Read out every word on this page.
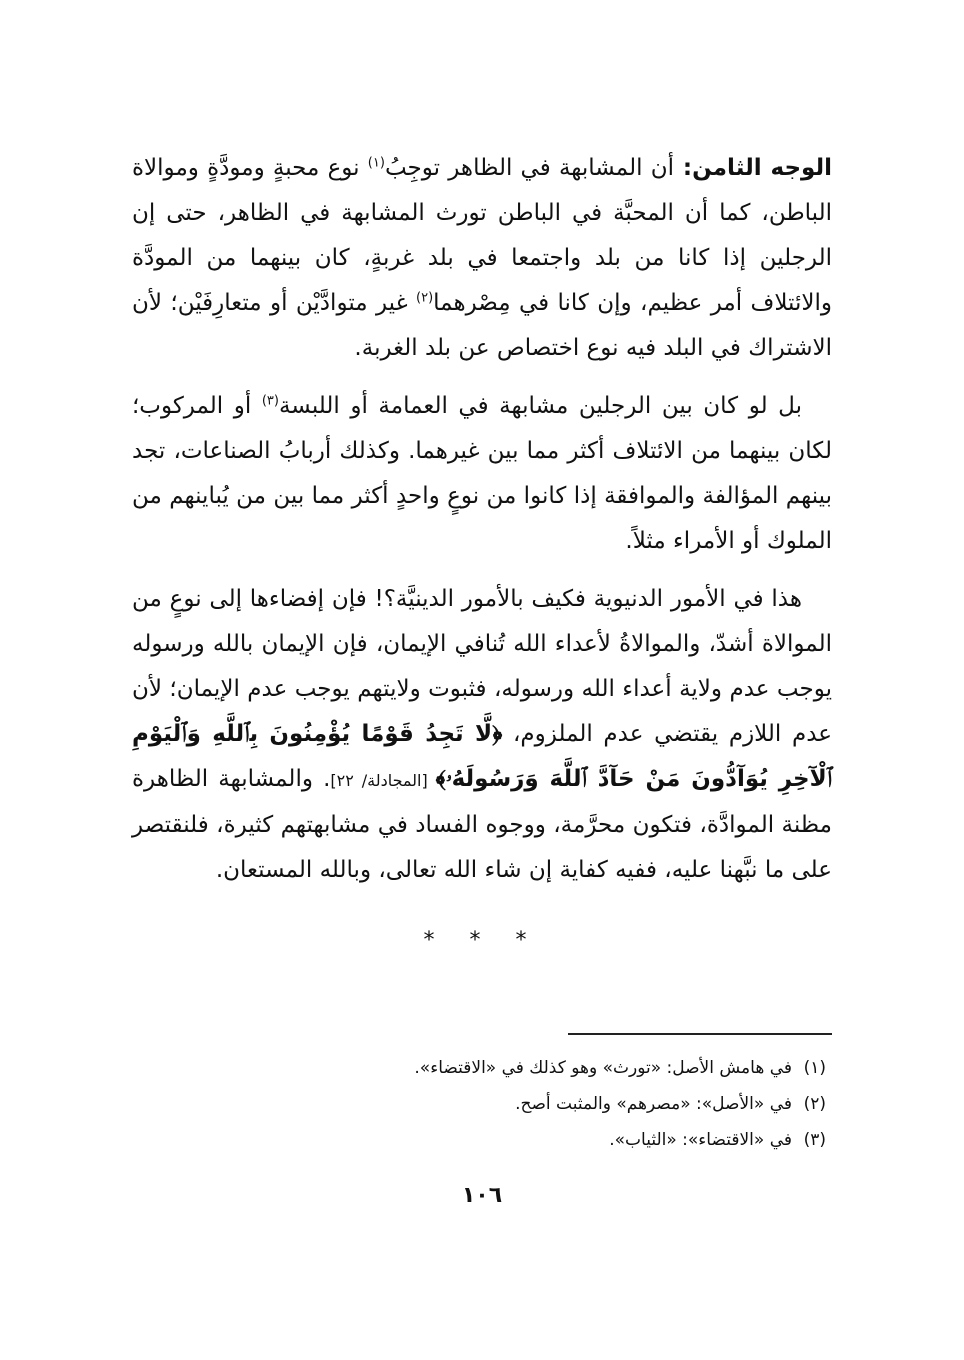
الوجه الثامن: أن المشابهة في الظاهر توجِبُ$^{(١)}$ نوع محبةٍ ومودَّةٍ وموالاة الباطن، كما أن المحبَّة في الباطن تورث المشابهة في الظاهر، حتى إن الرجلين إذا كانا من بلد واجتمعا في بلد غربةٍ، كان بينهما من المودَّة والائتلاف أمر عظيم، وإن كانا في مِصْرهما$^{(٢)}$ غير متوادَّيْن أو متعارِفَيْن؛ لأن الاشتراك في البلد فيه نوع اختصاص عن بلد الغربة.

بل لو كان بين الرجلين مشابهة في العمامة أو اللبسة$^{(٣)}$ أو المركوب؛ لكان بينهما من الائتلاف أكثر مما بين غيرهما. وكذلك أربابُ الصناعات، تجد بينهم المؤالفة والموافقة إذا كانوا من نوعٍ واحدٍ أكثر مما بين من يُباينهم من الملوك أو الأمراء مثلاً.

هذا في الأمور الدنيوية فكيف بالأمور الدينيَّة؟! فإن إفضاءها إلى نوعٍ من الموالاة أشدّ، والموالاةُ لأعداء الله تُنافي الإيمان، فإن الإيمان بالله ورسوله يوجب عدم ولاية أعداء الله ورسوله، فثبوت ولايتهم يوجب عدم الإيمان؛ لأن عدم اللازم يقتضي عدم الملزوم، ﴿لَّا تَجِدُ قَوْمًا يُؤْمِنُونَ بِٱللَّهِ وَٱلْيَوْمِ ٱلْآخِرِ يُوَآدُّونَ مَنْ حَآدَّ ٱللَّهَ وَرَسُولَهُۥ﴾ [المجادلة/ ٢٢]. والمشابهة الظاهرة مظنة الموادَّة، فتكون محرَّمة، ووجوه الفساد في مشابهتهم كثيرة، فلنقتصر على ما نبَّهنا عليه، ففيه كفاية إن شاء الله تعالى، وبالله المستعان.

* * *
(١)في هامش الأصل: «تورث» وهو كذلك في «الاقتضاء».
(٢)في «الأصل»: «مصرهم» والمثبت أصح.
(٣)في «الاقتضاء»: «الثياب».
١٠٦
